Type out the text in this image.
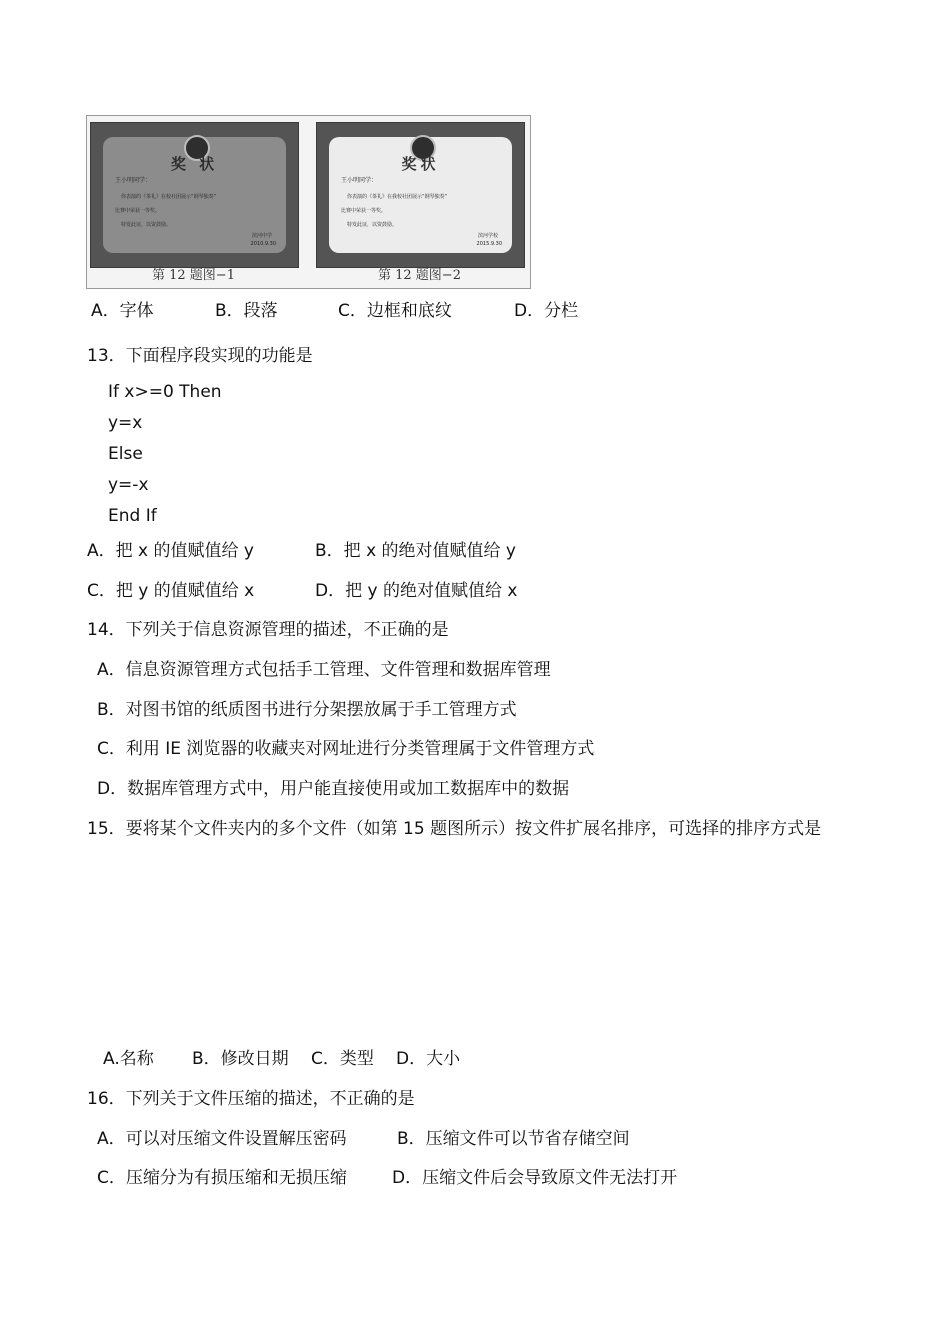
奖 状
王小明同学：
你表演的《茶礼》在校社团展示“钢琴独奏”
比赛中荣获一等奖。
特发此证，以资鼓励。
滨河中学
2010.9.30
第 12 题图−1
奖状
王小明同学：
你表演的《茶礼》在我校社团展示“钢琴独奏”
比赛中荣获一等奖。
特发此证，以资鼓励。
滨河学校
2015.9.30
第 12 题图−2
A．字体	B．段落	C．边框和底纹	D．分栏
13．下面程序段实现的功能是
If x>=0 Then
y=x
Else
y=-x
End If
A．把 x 的值赋值给 y	B．把 x 的绝对值赋值给 y
C．把 y 的值赋值给 x	D．把 y 的绝对值赋值给 x
14．下列关于信息资源管理的描述，不正确的是
A．信息资源管理方式包括手工管理、文件管理和数据库管理
B．对图书馆的纸质图书进行分架摆放属于手工管理方式
C．利用 IE 浏览器的收藏夹对网址进行分类管理属于文件管理方式
D．数据库管理方式中，用户能直接使用或加工数据库中的数据
15．要将某个文件夹内的多个文件（如第 15 题图所示）按文件扩展名排序，可选择的排序方式是
A.名称 B．修改日期 C．类型 D．大小
16．下列关于文件压缩的描述，不正确的是
A．可以对压缩文件设置解压密码	B．压缩文件可以节省存储空间
C．压缩分为有损压缩和无损压缩	D．压缩文件后会导致原文件无法打开
